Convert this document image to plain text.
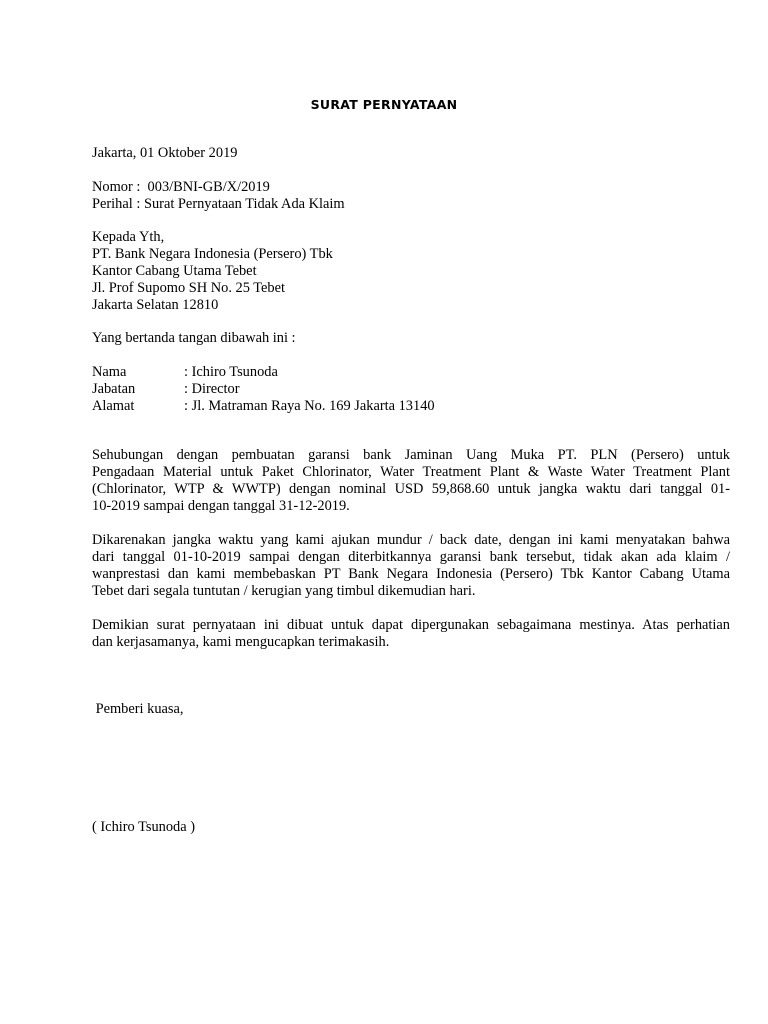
SURAT PERNYATAAN
Jakarta, 01 Oktober 2019
Nomor :  003/BNI-GB/X/2019
Perihal : Surat Pernyataan Tidak Ada Klaim
Kepada Yth,
PT. Bank Negara Indonesia (Persero) Tbk
Kantor Cabang Utama Tebet
Jl. Prof Supomo SH No. 25 Tebet
Jakarta Selatan 12810
Yang bertanda tangan dibawah ini :
Nama	: Ichiro Tsunoda
Jabatan	: Director
Alamat	: Jl. Matraman Raya No. 169 Jakarta 13140
Sehubungan dengan pembuatan garansi bank Jaminan Uang Muka PT. PLN (Persero) untuk
Pengadaan Material untuk Paket Chlorinator, Water Treatment Plant & Waste Water Treatment Plant
(Chlorinator, WTP & WWTP) dengan nominal USD 59,868.60 untuk jangka waktu dari tanggal 01-
10-2019 sampai dengan tanggal 31-12-2019.
Dikarenakan jangka waktu yang kami ajukan mundur / back date, dengan ini kami menyatakan bahwa
dari tanggal 01-10-2019 sampai dengan diterbitkannya garansi bank tersebut, tidak akan ada klaim /
wanprestasi dan kami membebaskan PT Bank Negara Indonesia (Persero) Tbk Kantor Cabang Utama
Tebet dari segala tuntutan / kerugian yang timbul dikemudian hari.
Demikian surat pernyataan ini dibuat untuk dapat dipergunakan sebagaimana mestinya. Atas perhatian
dan kerjasamanya, kami mengucapkan terimakasih.
Pemberi kuasa,
( Ichiro Tsunoda )
